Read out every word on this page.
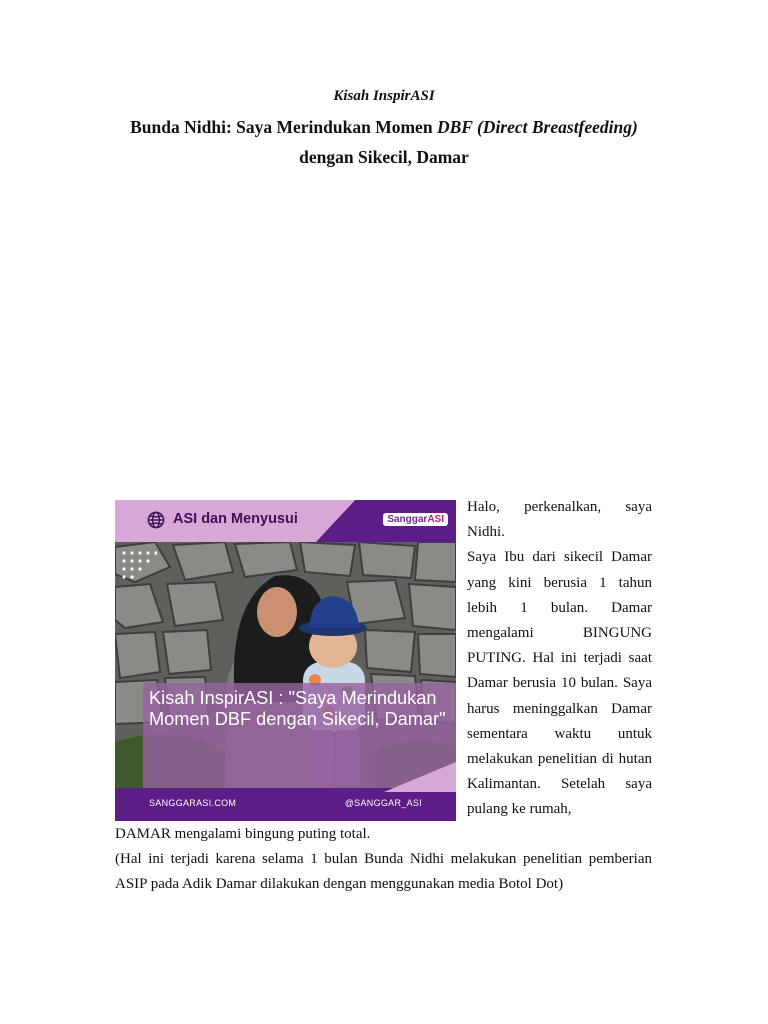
Kisah InspirASI
Bunda Nidhi: Saya Merindukan Momen DBF (Direct Breastfeeding)
dengan Sikecil, Damar
ASI dan Menyusui	SanggarASI
Kisah InspirASI : "Saya Merindukan Momen DBF dengan Sikecil, Damar"
SANGGARASI.COM	@SANGGAR_ASI

Halo, perkenalkan, saya Nidhi.

Saya Ibu dari sikecil Damar yang kini berusia 1 tahun lebih 1 bulan. Damar mengalami BINGUNG PUTING. Hal ini terjadi saat Damar berusia 10 bulan. Saya harus meninggalkan Damar sementara waktu untuk melakukan penelitian di hutan Kalimantan. Setelah saya pulang ke rumah,

DAMAR mengalami bingung puting total.

(Hal ini terjadi karena selama 1 bulan Bunda Nidhi melakukan penelitian pemberian ASIP pada Adik Damar dilakukan dengan menggunakan media Botol Dot)
